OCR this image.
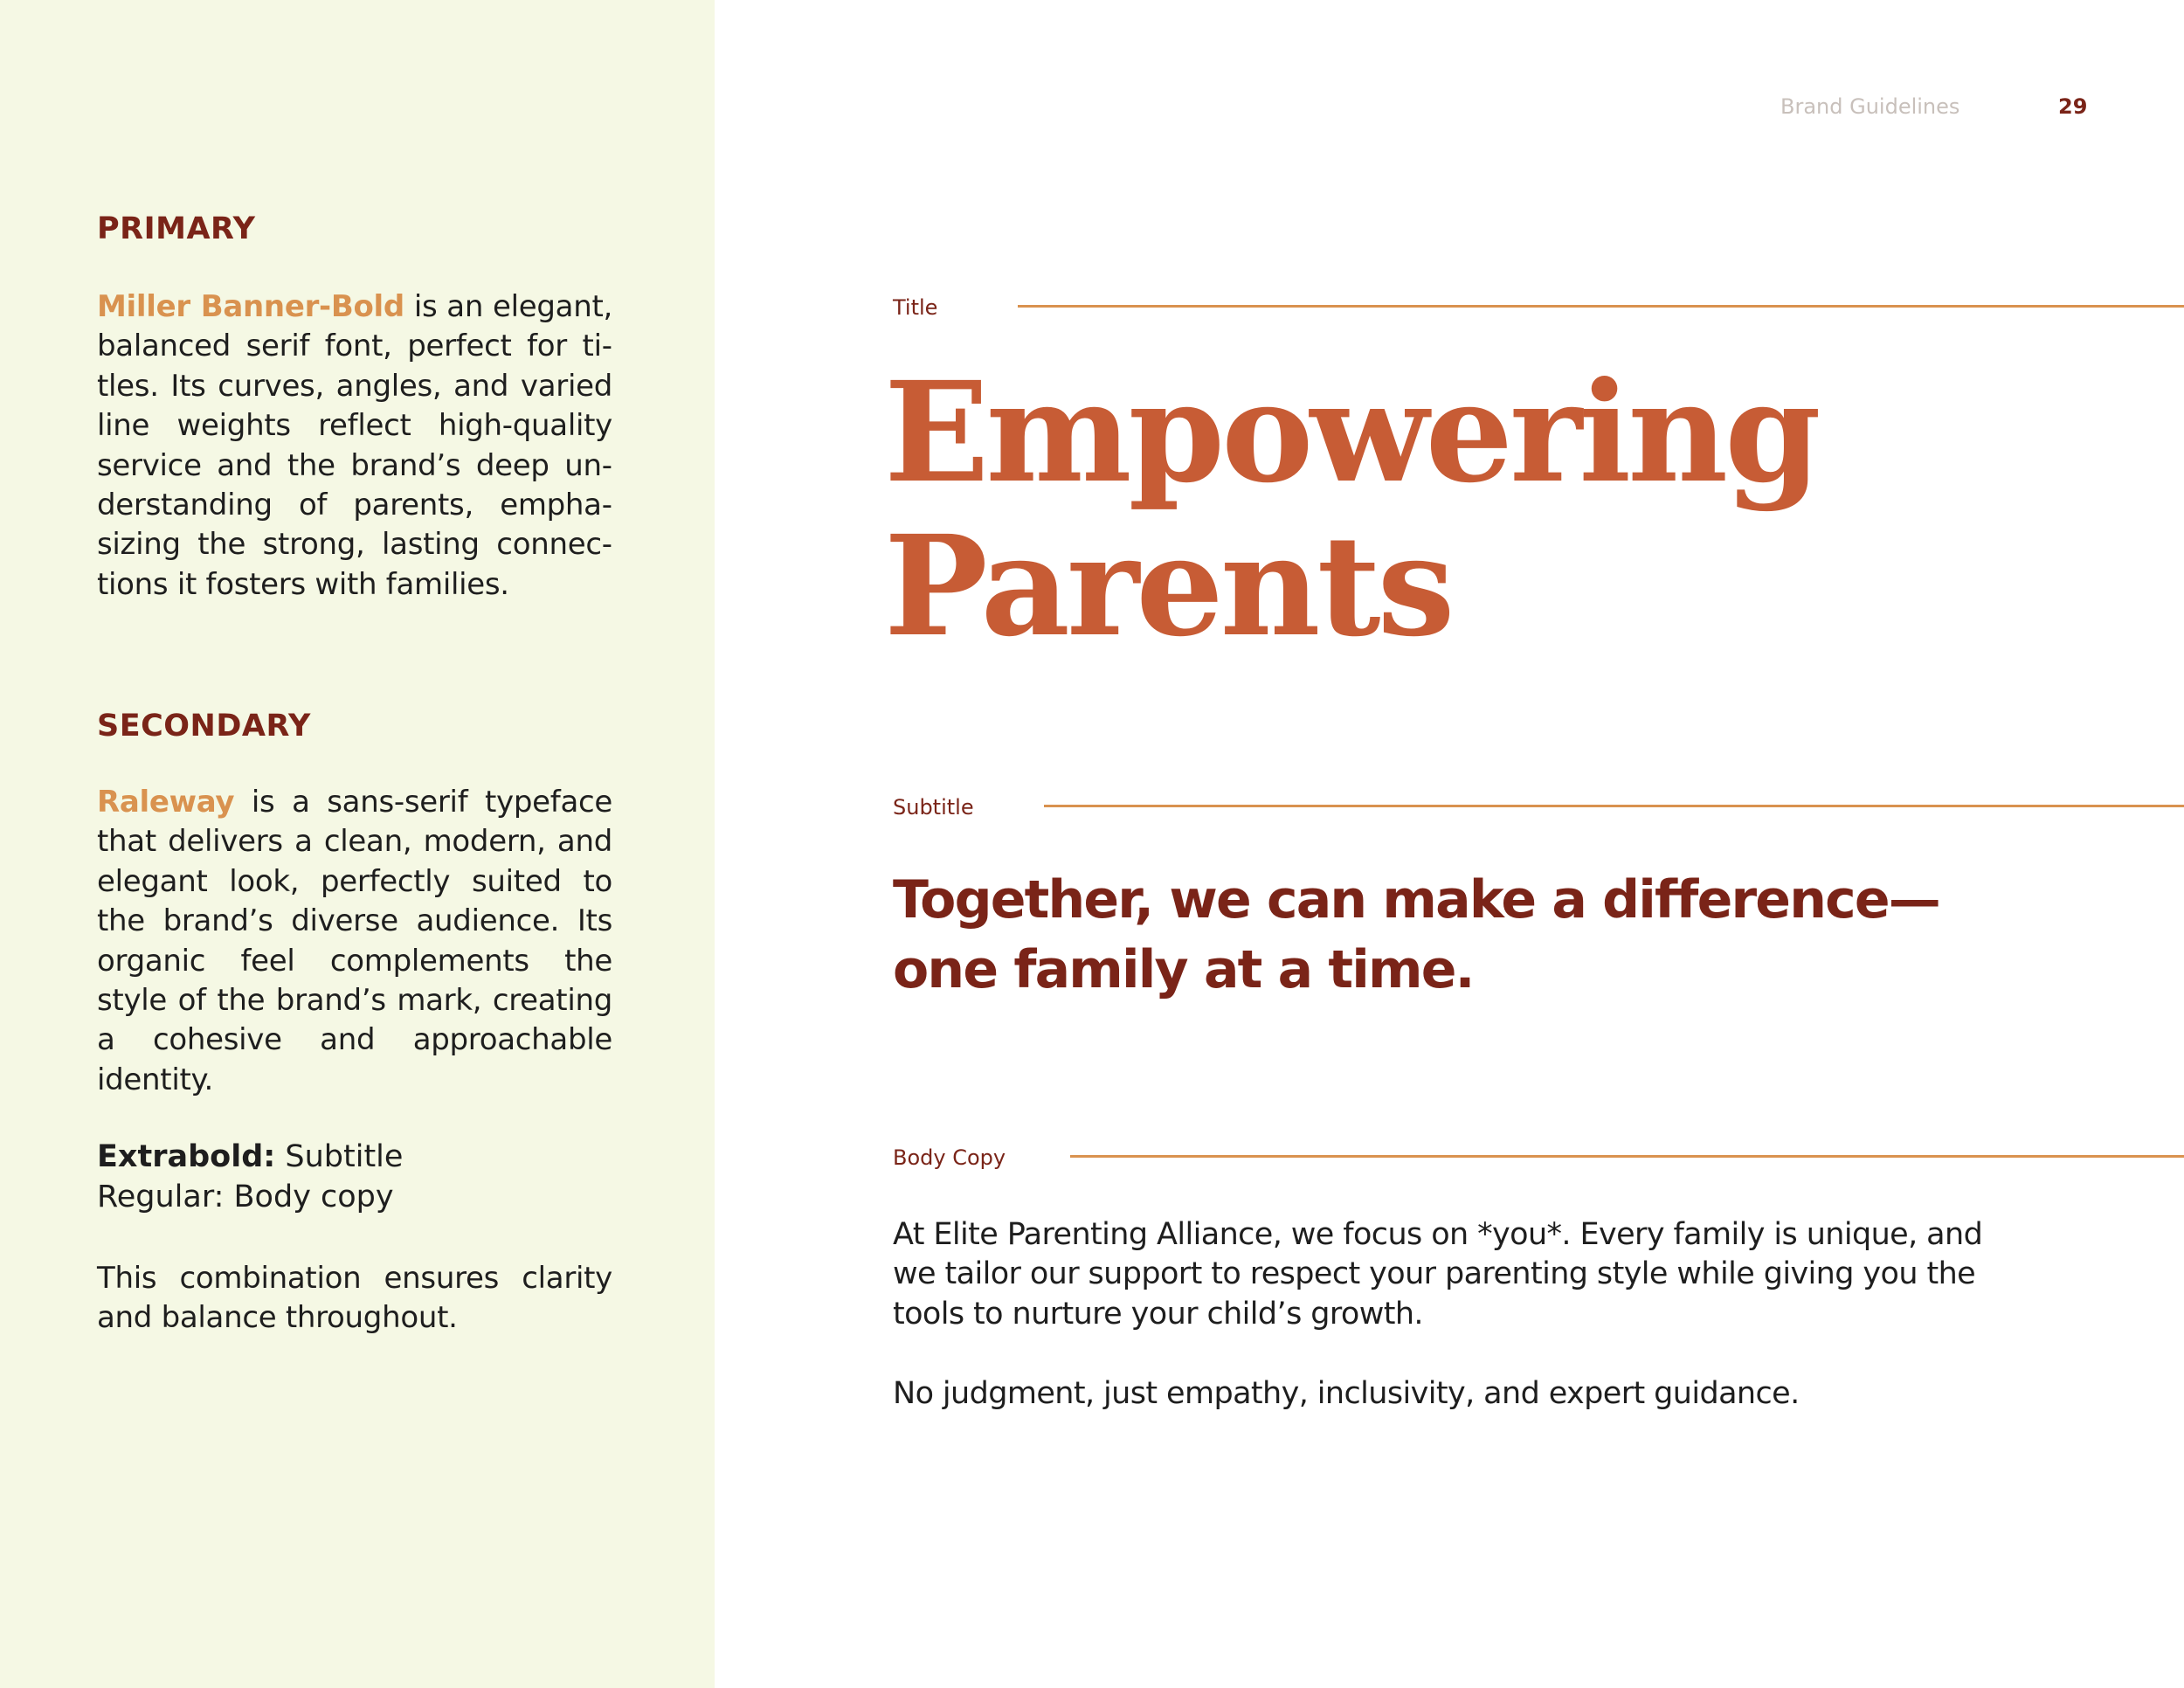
Brand Guidelines	29
PRIMARY

Miller Banner-Bold is an elegant, balanced serif font, perfect for titles. Its curves, angles, and varied line weights reflect high-quality service and the brand’s deep understanding of parents, emphasizing the strong, lasting connections it fosters with families.

SECONDARY

Raleway is a sans-serif typeface that delivers a clean, modern, and elegant look, perfectly suited to the brand’s diverse audience. Its organic feel complements the style of the brand’s mark, creating a cohesive and approachable identity.

Extrabold: Subtitle

Regular: Body copy

This combination ensures clarity and balance throughout.

Title
Empowering
Parents
Subtitle
Together, we can make a difference—
one family at a time.
Body Copy

At Elite Parenting Alliance, we focus on *you*. Every family is unique, and we tailor our support to respect your parenting style while giving you the tools to nurture your child’s growth.

No judgment, just empathy, inclusivity, and expert guidance.
